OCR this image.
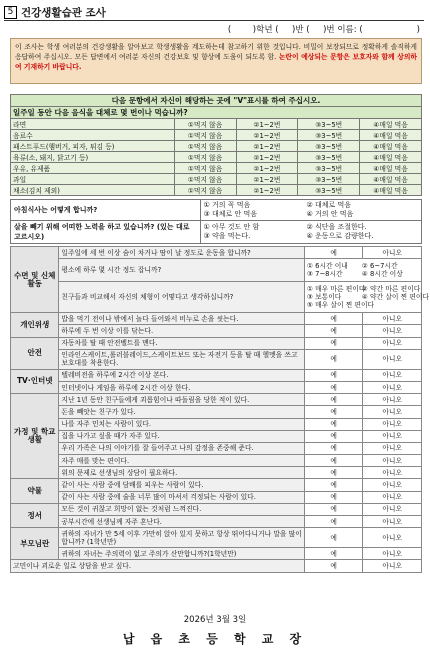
5 건강생활습관 조사
(        )학년 (     )반 (     )번 이름: (                    )
이 조사는 학생 여러분의 건강생활을 알아보고 학생생활을 계도하는데 참고하기 위한 것입니다. 비밀이 보장되므로 정확하게 솔직하게 응답하여 주십시오. 모든 답변에서 여러분 자신의 건강보호 및 향상에 도움이 되도록 함. 논란이 예상되는 문항은 보호자와 함께 상의하여 기재하기 바랍니다.
다음 문항에서 자신이 해당하는 곳에 "V"표시를 하여 주십시오.				
일주일 동안 다음 음식을 대체로 몇 번이나 먹습니까?				
라면	①먹지 않음	②1~2번	③3~5번	④매일 먹음
음료수	①먹지 않음	②1~2번	③3~5번	④매일 먹음
패스트푸드(햄버거, 피자, 튀김 등)	①먹지 않음	②1~2번	③3~5번	④매일 먹음
육류(소, 돼지, 닭고기 등)	①먹지 않음	②1~2번	③3~5번	④매일 먹음
우유, 유제품	①먹지 않음	②1~2번	③3~5번	④매일 먹음
과일	①먹지 않음	②1~2번	③3~5번	④매일 먹음
채소(김치 제외)	①먹지 않음	②1~2번	③3~5번	④매일 먹음
아침식사는 어떻게 합니까?	① 거의 꼭 먹음 ② 대체로 먹음③ 대체로 안 먹음 ④ 거의 안 먹음
살을 빼기 위해 어떠한 노력을 하고 있습니까? (있는 대로 고르시오)	① 아무 것도 안 함 ② 식단을 조절한다.③ 약을 먹는다. ④ 운동으로 감량한다.
수면 및 신체활동	일주일에 세 번 이상 숨이 차거나 땀이 날 정도로 운동을 합니까?	예	아니오
	평소에 하루 몇 시간 정도 잡니까?	① 6시간 이내 ② 6~7시간③ 7~8시간 ④ 8시간 이상	
	친구들과 비교해서 자신의 체형이 어떻다고 생각하십니까?	① 매우 마른 편이다② 약간 마른 편이다③ 보통이다 ④ 약간 살이 찐 편이다⑤ 매우 살이 찐 편이다	
개인위생	밥을 먹기 전이나 밖에서 놀다 들어와서 비누로 손을 씻는다.	예	아니오
	하루에 두 번 이상 이를 닦는다.	예	아니오
안전	자동차를 탈 때 안전벨트를 맨다.	예	아니오
	인라인스케이트,롤러블레이드,스케이트보드 또는 자전거 등을 탈 때 헬멧을 쓰고 보호대를 착용한다.	예	아니오
TV·인터넷	텔레비전을 하루에 2시간 이상 본다.	예	아니오
	인터넷이나 게임을 하루에 2시간 이상 한다.	예	아니오
가정 및 학교생활	지난 1년 동안 친구들에게 괴롭힘이나 따돌림을 당한 적이 있다.	예	아니오
	돈을 빼앗는 친구가 있다.	예	아니오
	나를 자주 민치는 사람이 있다.	예	아니오
	집을 나가고 싶을 때가 자주 있다.	예	아니오
	우리 가족은 나의 이야기를 잘 들어주고 나의 감정을 존중해 준다.	예	아니오
	자주 매를 맞는 편이다.	예	아니오
	위의 문제로 선생님의 상담이 필요하다.	예	아니오
약물	같이 사는 사람 중에 담배를 피우는 사람이 있다.	예	아니오
	같이 사는 사람 중에 술을 너무 많이 마셔서 걱정되는 사람이 있다.	예	아니오
정서	모든 것이 귀찮고 희망이 없는 것처럼 느껴진다.	예	아니오
	공부시간에 선생님께 자주 혼난다.	예	아니오
부모님란	귀하의 자녀가 만 5세 이후 가만히 앉아 있지 못하고 항상 뛰어다니거나 말을 많이 합니까? (1학년만)	예	아니오
	귀하의 자녀는 주의력이 없고 주의가 산만합니까?(1학년만)	예	아니오
고민이나 괴로운 일로 상담을 받고 싶다.		예	아니오
2026년 3월 3일
납 읍 초 등 학 교 장
